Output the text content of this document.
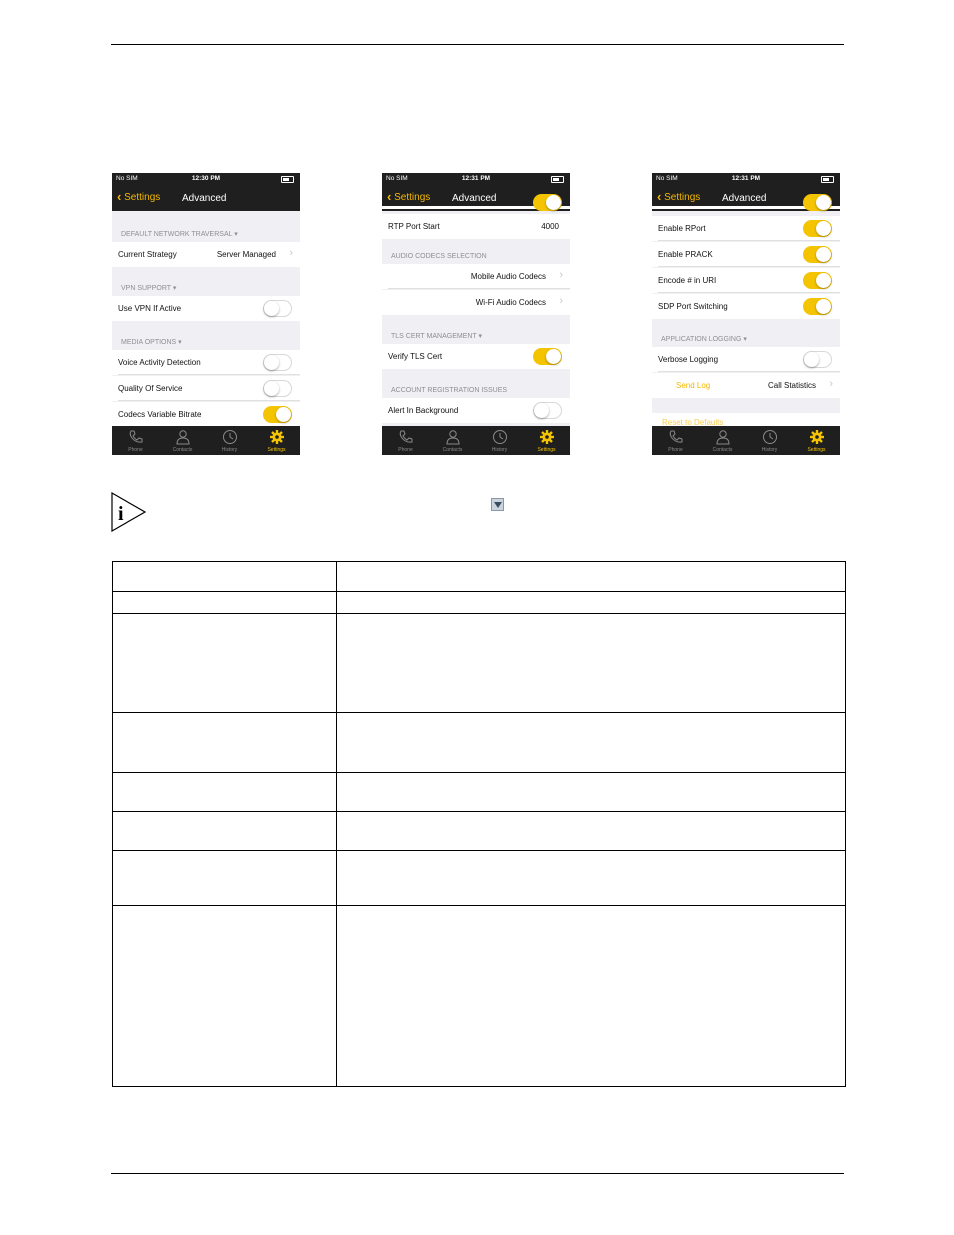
No SIM	12:30 PM
‹ Settings Advanced
DEFAULT NETWORK TRAVERSAL ▾
Current Strategy	Server Managed ›
VPN SUPPORT ▾
Use VPN If Active
MEDIA OPTIONS ▾
Voice Activity Detection
Quality Of Service
Codecs Variable Bitrate
Phone	Contacts	History	Settings
No SIM	12:31 PM
‹ Settings Advanced
RTP Port Start	4000
AUDIO CODECS SELECTION
Mobile Audio Codecs ›
Wi-Fi Audio Codecs ›
TLS CERT MANAGEMENT ▾
Verify TLS Cert
ACCOUNT REGISTRATION ISSUES
Alert In Background
Phone	Contacts	History	Settings
No SIM	12:31 PM
‹ Settings Advanced
Enable RPort
Enable PRACK
Encode # in URI
SDP Port Switching
APPLICATION LOGGING ▾
Verbose Logging
Send Log	Call Statistics ›
Reset to Defaults
Phone	Contacts	History	Settings
i
